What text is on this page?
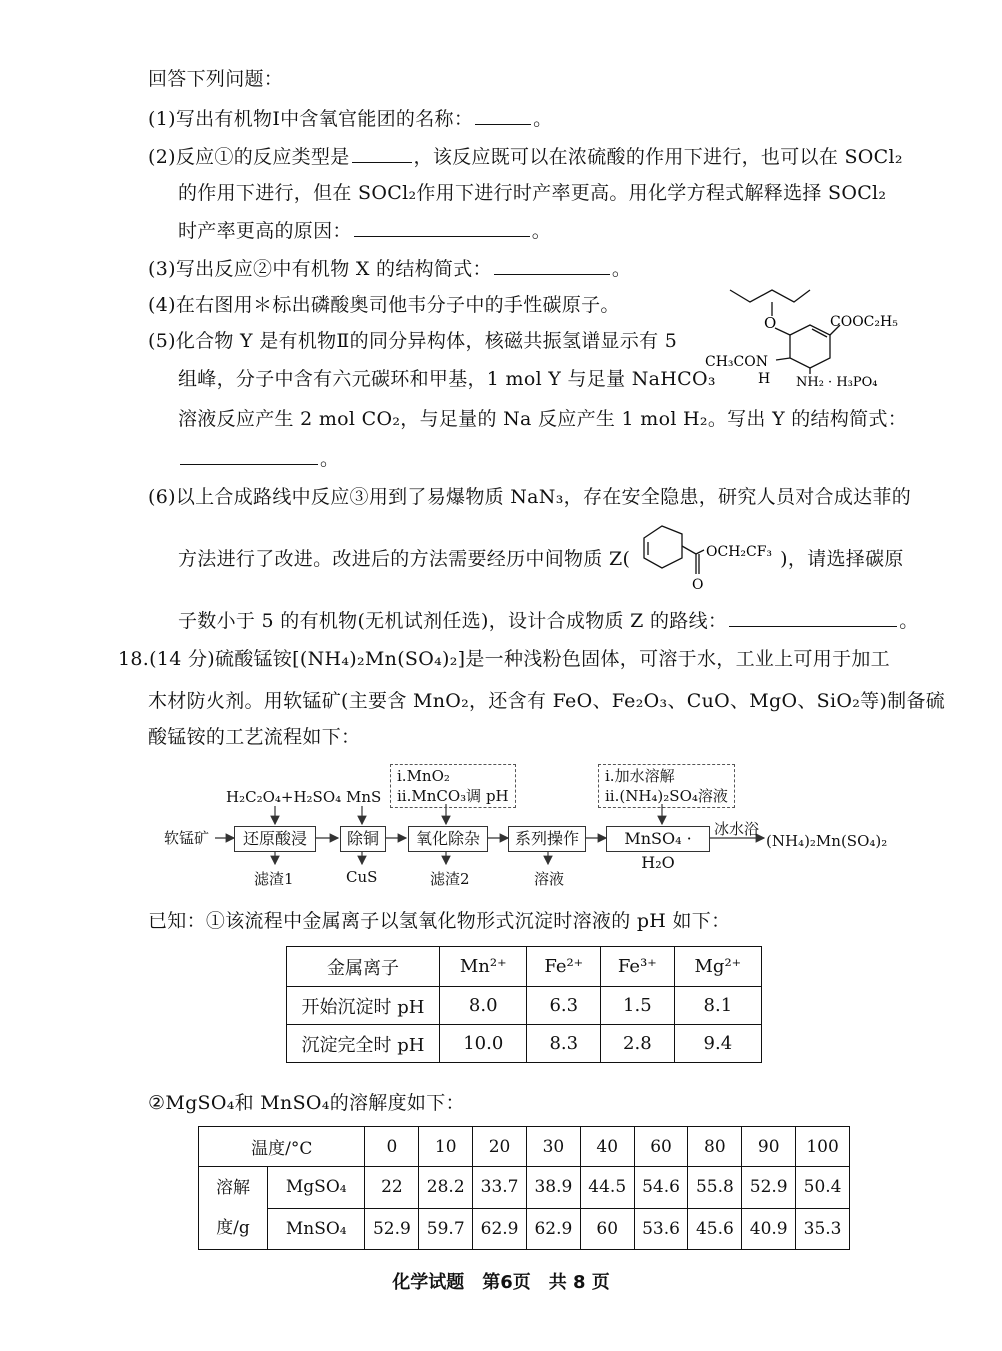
回答下列问题：
(1)写出有机物Ⅰ中含氧官能团的名称：	。
(2)反应①的反应类型是	，该反应既可以在浓硫酸的作用下进行，也可以在 SOCl₂
的作用下进行，但在 SOCl₂作用下进行时产率更高。用化学方程式解释选择 SOCl₂
时产率更高的原因：	。
(3)写出反应②中有机物 X 的结构简式：	。
(4)在右图用＊标出磷酸奥司他韦分子中的手性碳原子。
(5)化合物 Y 是有机物Ⅱ的同分异构体，核磁共振氢谱显示有 5
组峰，分子中含有六元碳环和甲基，1 mol Y 与足量 NaHCO₃
溶液反应产生 2 mol CO₂，与足量的 Na 反应产生 1 mol H₂。写出 Y 的结构简式：
。
O	COOC₂H₅
CH₃CON
H NH₂ · H₃PO₄
(6)以上合成路线中反应③用到了易爆物质 NaN₃，存在安全隐患，研究人员对合成达菲的
方法进行了改进。改进后的方法需要经历中间物质 Z(	)，请选择碳原
OCH₂CF₃
O
子数小于 5 的有机物(无机试剂任选)，设计合成物质 Z 的路线：	。
18.(14 分)硫酸锰铵[(NH₄)₂Mn(SO₄)₂]是一种浅粉色固体，可溶于水，工业上可用于加工
木材防火剂。用软锰矿(主要含 MnO₂，还含有 FeO、Fe₂O₃、CuO、MgO、SiO₂等)制备硫
酸锰铵的工艺流程如下：
软锰矿	还原酸浸	除铜	氧化除杂	系列操作	MnSO₄ · H₂O
H₂C₂O₄+H₂SO₄ MnS
i.MnO₂
ii.MnCO₃调 pH
i.加水溶解
ii.(NH₄)₂SO₄溶液
滤渣1	CuS	滤渣2	溶液
冰水浴
(NH₄)₂Mn(SO₄)₂
已知：①该流程中金属离子以氢氧化物形式沉淀时溶液的 pH 如下：
金属离子	Mn²⁺	Fe²⁺	Fe³⁺	Mg²⁺
开始沉淀时 pH	8.0	6.3	1.5	8.1
沉淀完全时 pH	10.0	8.3	2.8	9.4
②MgSO₄和 MnSO₄的溶解度如下：
温度/°C		0	10	20	30	40	60	80	90	100

溶解
度/g	MgSO₄	22	28.2	33.7	38.9	44.5	54.6	55.8	52.9	50.4
	MnSO₄	52.9	59.7	62.9	62.9	60	53.6	45.6	40.9	35.3
化学试题　第6页　共 8 页
